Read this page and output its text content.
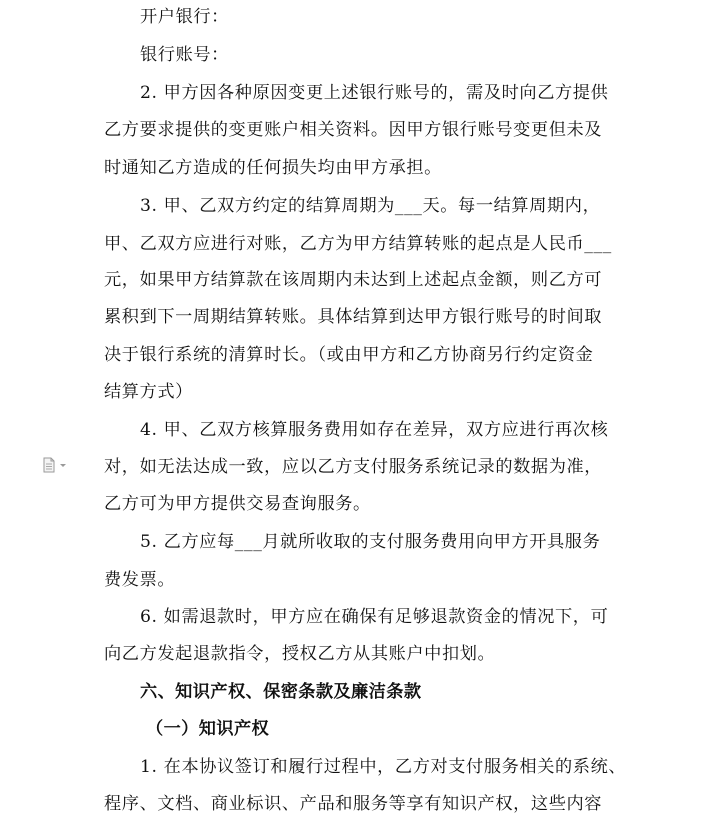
开户银行：
银行账号：
2. 甲方因各种原因变更上述银行账号的，需及时向乙方提供
乙方要求提供的变更账户相关资料。因甲方银行账号变更但未及
时通知乙方造成的任何损失均由甲方承担。
3. 甲、乙双方约定的结算周期为___天。每一结算周期内，
甲、乙双方应进行对账，乙方为甲方结算转账的起点是人民币___
元，如果甲方结算款在该周期内未达到上述起点金额，则乙方可
累积到下一周期结算转账。具体结算到达甲方银行账号的时间取
决于银行系统的清算时长。（或由甲方和乙方协商另行约定资金
结算方式）
4. 甲、乙双方核算服务费用如存在差异，双方应进行再次核
对，如无法达成一致，应以乙方支付服务系统记录的数据为准，
乙方可为甲方提供交易查询服务。
5. 乙方应每___月就所收取的支付服务费用向甲方开具服务
费发票。
6. 如需退款时，甲方应在确保有足够退款资金的情况下，可
向乙方发起退款指令，授权乙方从其账户中扣划。
六、知识产权、保密条款及廉洁条款
（一）知识产权
1. 在本协议签订和履行过程中，乙方对支付服务相关的系统、
程序、文档、商业标识、产品和服务等享有知识产权，这些内容
